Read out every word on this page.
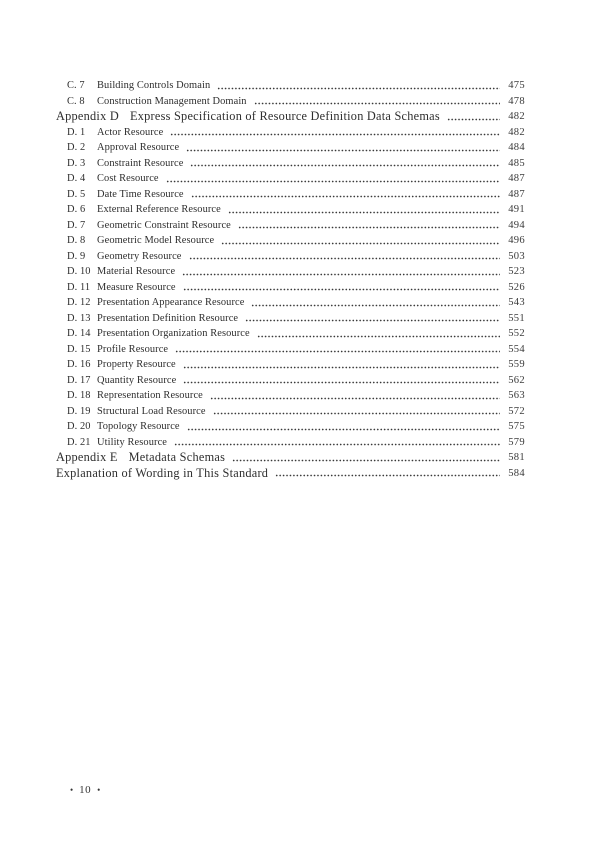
C. 7	Building Controls Domain	475
C. 8	Construction Management Domain	478
Appendix D Express Specification of Resource Definition Data Schemas	482
D. 1	Actor Resource	482
D. 2	Approval Resource	484
D. 3	Constraint Resource	485
D. 4	Cost Resource	487
D. 5	Date Time Resource	487
D. 6	External Reference Resource	491
D. 7	Geometric Constraint Resource	494
D. 8	Geometric Model Resource	496
D. 9	Geometry Resource	503
D. 10 Material Resource	523
D. 11 Measure Resource	526
D. 12 Presentation Appearance Resource	543
D. 13 Presentation Definition Resource	551
D. 14 Presentation Organization Resource	552
D. 15 Profile Resource	554
D. 16 Property Resource	559
D. 17 Quantity Resource	562
D. 18 Representation Resource	563
D. 19 Structural Load Resource	572
D. 20 Topology Resource	575
D. 21 Utility Resource	579
Appendix E Metadata Schemas	581
Explanation of Wording in This Standard	584
• 10 •
